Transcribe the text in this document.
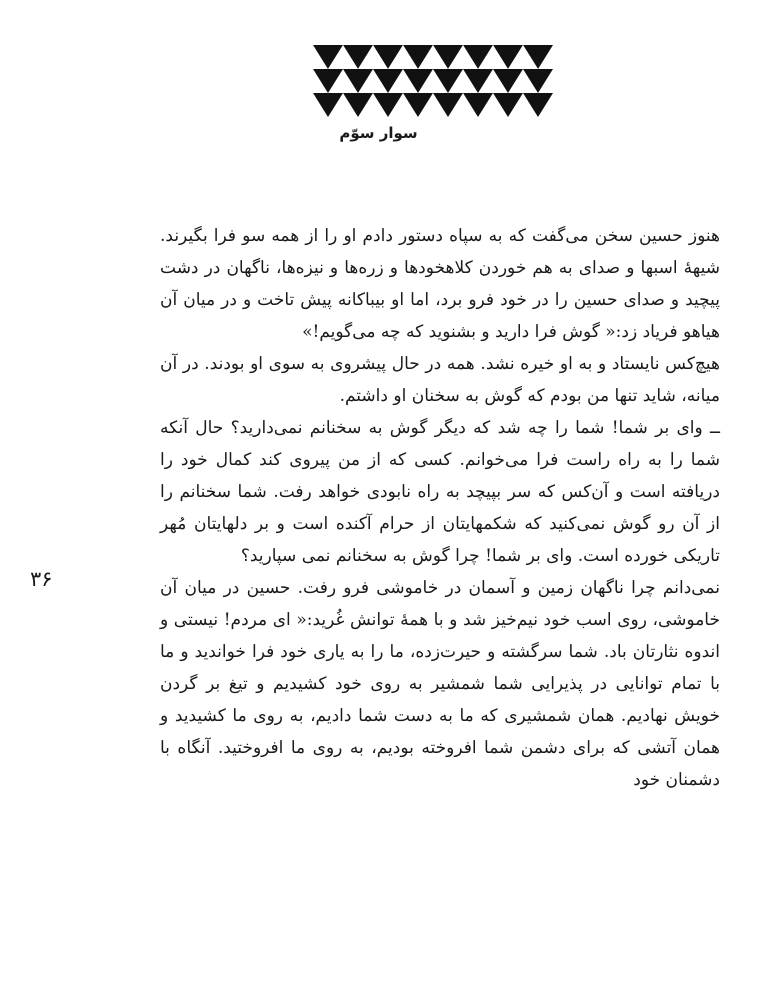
سوار سوّم
۳۶

هنوز حسین سخن می‌گفت که به سپاه دستور دادم او را از همه سو فرا بگیرند. شیههٔ اسبها و صدای به هم خوردن کلاهخودها و زره‌ها و نیزه‌ها، ناگهان در دشت پیچید و صدای حسین را در خود فرو برد، اما او بیباکانه پیش تاخت و در میان آن هیاهو فریاد زد:« گوش فرا دارید و بشنوید که چه می‌گویم!»

هیچ‌کس نایستاد و به او خیره نشد. همه در حال پیشروی به سوی او بودند. در آن میانه، شاید تنها من بودم که گوش به سخنان او داشتم.

ــ وای بر شما! شما را چه شد که دیگر گوش به سخنانم نمی‌دارید؟ حال آنکه شما را به راه راست فرا می‌خوانم. کسی که از من پیروی کند کمال خود را دریافته است و آن‌کس که سر بپیچد به راه نابودی خواهد رفت. شما سخنانم را از آن رو گوش نمی‌کنید که شکمهایتان از حرام آکنده است و بر دلهایتان مُهر تاریکی خورده است. وای بر شما! چرا گوش به سخنانم نمی سپارید؟

نمی‌دانم چرا ناگهان زمین و آسمان در خاموشی فرو رفت. حسین در میان آن خاموشی، روی اسب خود نیم‌خیز شد و با همهٔ توانش غُرید:« ای مردم! نیستی و اندوه نثارتان باد. شما سرگشته و حیرت‌زده، ما را به یاری خود فرا خواندید و ما با تمام توانایی در پذیرایی شما شمشیر به روی خود کشیدیم و تیغ بر گردن خویش نهادیم. همان شمشیری که ما به دست شما دادیم، به روی ما کشیدید و همان آتشی که برای دشمن شما افروخته بودیم، به روی ما افروختید. آنگاه با دشمنان خود
